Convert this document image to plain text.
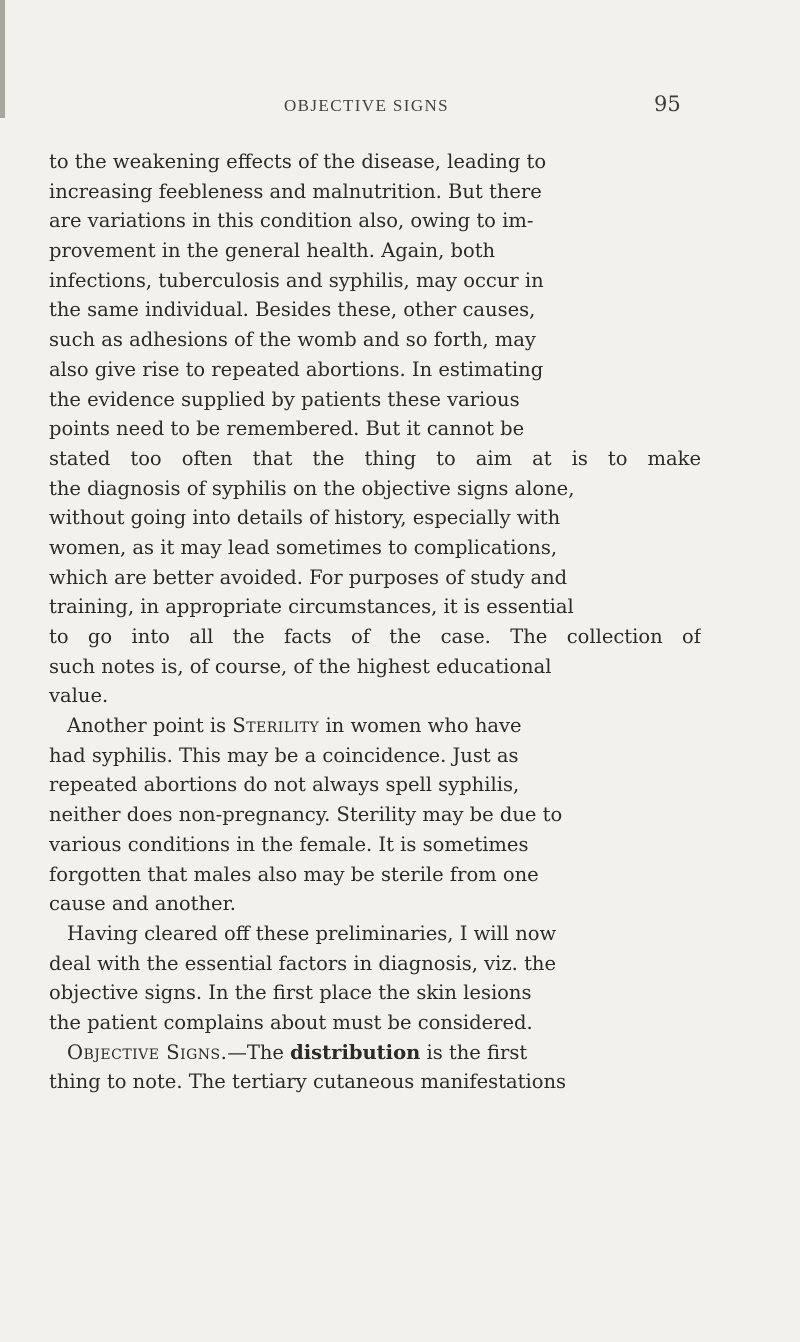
OBJECTIVE SIGNS	95
to the weakening effects of the disease, leading to
increasing feebleness and malnutrition. But there
are variations in this condition also, owing to im-
provement in the general health. Again, both
infections, tuberculosis and syphilis, may occur in
the same individual. Besides these, other causes,
such as adhesions of the womb and so forth, may
also give rise to repeated abortions. In estimating
the evidence supplied by patients these various
points need to be remembered. But it cannot be
stated too often that the thing to aim at is to make
the diagnosis of syphilis on the objective signs alone,
without going into details of history, especially with
women, as it may lead sometimes to complications,
which are better avoided. For purposes of study and
training, in appropriate circumstances, it is essential
to go into all the facts of the case. The collection of
such notes is, of course, of the highest educational
value.
Another point is Sterility in women who have
had syphilis. This may be a coincidence. Just as
repeated abortions do not always spell syphilis,
neither does non-pregnancy. Sterility may be due to
various conditions in the female. It is sometimes
forgotten that males also may be sterile from one
cause and another.
Having cleared off these preliminaries, I will now
deal with the essential factors in diagnosis, viz. the
objective signs. In the first place the skin lesions
the patient complains about must be considered.
Objective Signs.—The distribution is the first
thing to note. The tertiary cutaneous manifestations
